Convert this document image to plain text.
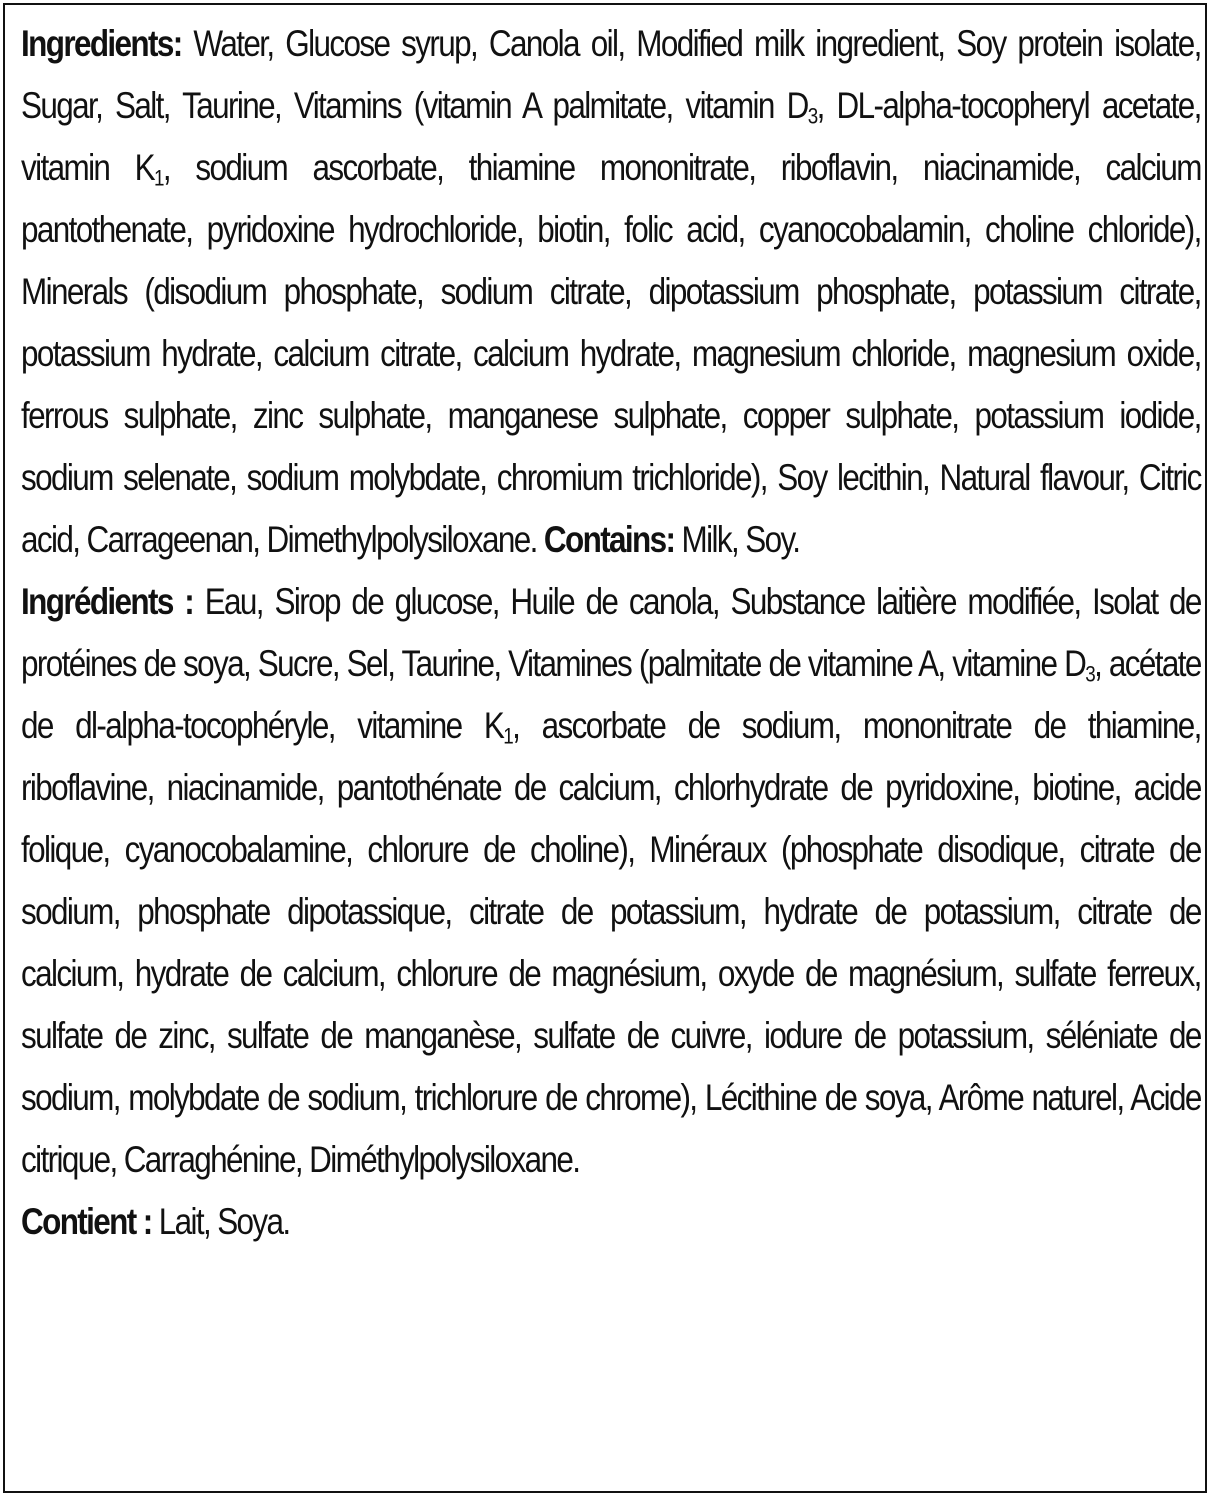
Ingredients: Water, Glucose syrup, Canola oil, Modified milk ingredient, Soy protein isolate, Sugar, Salt, Taurine, Vitamins (vitamin A palmitate, vitamin $D_3$, DL-alpha-tocopheryl acetate, vitamin $K_1$, sodium ascorbate, thiamine mononitrate, riboflavin, niacinamide, calcium pantothenate, pyridoxine hydrochloride, biotin, folic acid, cyanocobalamin, choline chloride), Minerals (disodium phosphate, sodium citrate, dipotassium phosphate, potassium citrate, potassium hydrate, calcium citrate, calcium hydrate, magnesium chloride, magnesium oxide, ferrous sulphate, zinc sulphate, manganese sulphate, copper sulphate, potassium iodide, sodium selenate, sodium molybdate, chromium trichloride), Soy lecithin, Natural flavour, Citric acid, Carrageenan, Dimethylpolysiloxane. Contains: Milk, Soy.

Ingrédients : Eau, Sirop de glucose, Huile de canola, Substance laitière modifiée, Isolat de protéines de soya, Sucre, Sel, Taurine, Vitamines (palmitate de vitamine A, vitamine $D_3$, acétate de dl-alpha-tocophéryle, vitamine $K_1$, ascorbate de sodium, mononitrate de thiamine, riboflavine, niacinamide, pantothénate de calcium, chlorhydrate de pyridoxine, biotine, acide folique, cyanocobalamine, chlorure de choline), Minéraux (phosphate disodique, citrate de sodium, phosphate dipotassique, citrate de potassium, hydrate de potassium, citrate de calcium, hydrate de calcium, chlorure de magnésium, oxyde de magnésium, sulfate ferreux, sulfate de zinc, sulfate de manganèse, sulfate de cuivre, iodure de potassium, séléniate de sodium, molybdate de sodium, trichlorure de chrome), Lécithine de soya, Arôme naturel, Acide citrique, Carraghénine, Diméthylpolysiloxane.

Contient : Lait, Soya.
